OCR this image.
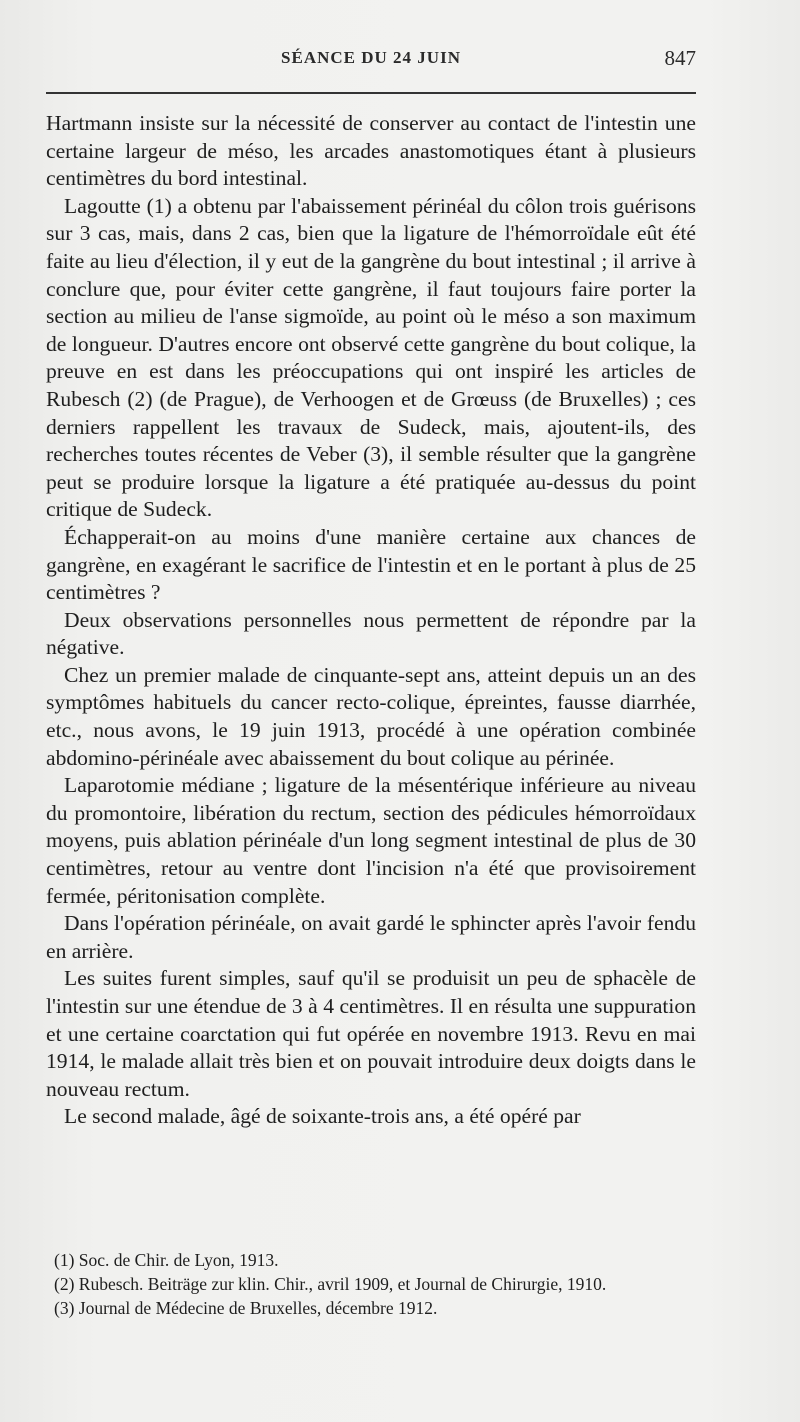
SÉANCE DU 24 JUIN	847

Hartmann insiste sur la nécessité de conserver au contact de l'intestin une certaine largeur de méso, les arcades anastomotiques étant à plusieurs centimètres du bord intestinal.

Lagoutte (1) a obtenu par l'abaissement périnéal du côlon trois guérisons sur 3 cas, mais, dans 2 cas, bien que la ligature de l'hémorroïdale eût été faite au lieu d'élection, il y eut de la gangrène du bout intestinal ; il arrive à conclure que, pour éviter cette gangrène, il faut toujours faire porter la section au milieu de l'anse sigmoïde, au point où le méso a son maximum de longueur. D'autres encore ont observé cette gangrène du bout colique, la preuve en est dans les préoccupations qui ont inspiré les articles de Rubesch (2) (de Prague), de Verhoogen et de Grœuss (de Bruxelles) ; ces derniers rappellent les travaux de Sudeck, mais, ajoutent-ils, des recherches toutes récentes de Veber (3), il semble résulter que la gangrène peut se produire lorsque la ligature a été pratiquée au-dessus du point critique de Sudeck.

Échapperait-on au moins d'une manière certaine aux chances de gangrène, en exagérant le sacrifice de l'intestin et en le portant à plus de 25 centimètres ?

Deux observations personnelles nous permettent de répondre par la négative.

Chez un premier malade de cinquante-sept ans, atteint depuis un an des symptômes habituels du cancer recto-colique, épreintes, fausse diarrhée, etc., nous avons, le 19 juin 1913, procédé à une opération combinée abdomino-périnéale avec abaissement du bout colique au périnée.

Laparotomie médiane ; ligature de la mésentérique inférieure au niveau du promontoire, libération du rectum, section des pédicules hémorroïdaux moyens, puis ablation périnéale d'un long segment intestinal de plus de 30 centimètres, retour au ventre dont l'incision n'a été que provisoirement fermée, péritonisation complète.

Dans l'opération périnéale, on avait gardé le sphincter après l'avoir fendu en arrière.

Les suites furent simples, sauf qu'il se produisit un peu de sphacèle de l'intestin sur une étendue de 3 à 4 centimètres. Il en résulta une suppuration et une certaine coarctation qui fut opérée en novembre 1913. Revu en mai 1914, le malade allait très bien et on pouvait introduire deux doigts dans le nouveau rectum.

Le second malade, âgé de soixante-trois ans, a été opéré par

(1) Soc. de Chir. de Lyon, 1913.

(2) Rubesch. Beiträge zur klin. Chir., avril 1909, et Journal de Chirurgie, 1910.

(3) Journal de Médecine de Bruxelles, décembre 1912.
